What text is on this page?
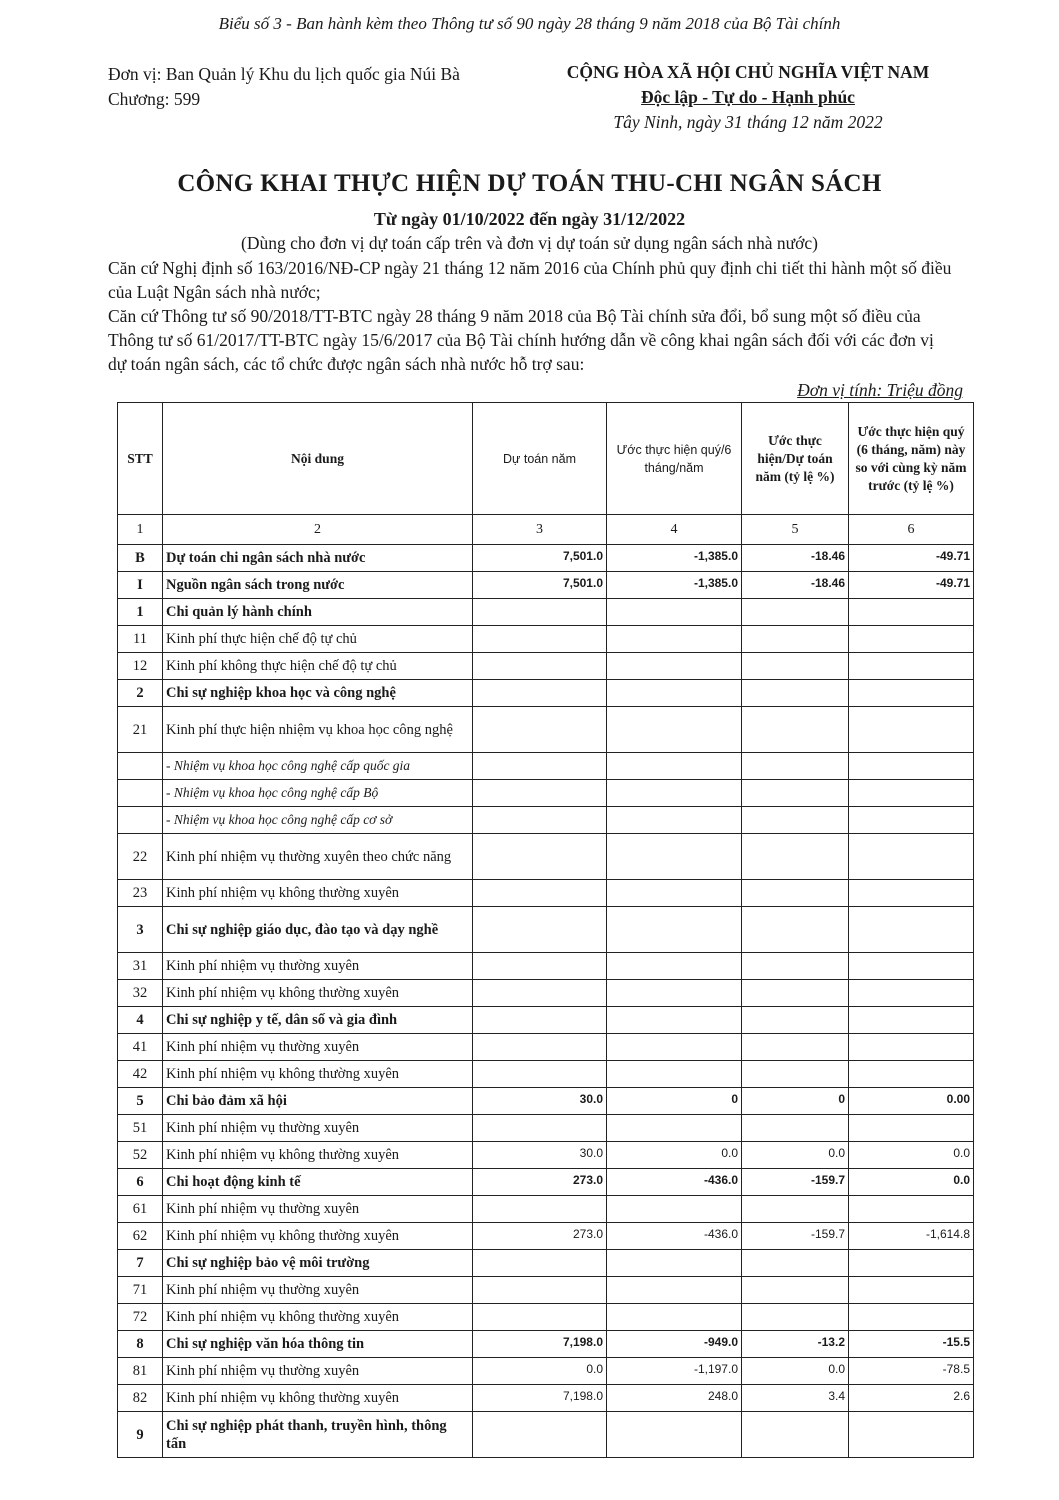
Biểu số 3 - Ban hành kèm theo Thông tư số 90 ngày 28 tháng 9 năm 2018 của Bộ Tài chính
Đơn vị: Ban Quản lý Khu du lịch quốc gia Núi Bà
Chương: 599
CỘNG HÒA XÃ HỘI CHỦ NGHĨA VIỆT NAM
Độc lập - Tự do - Hạnh phúc
Tây Ninh, ngày 31 tháng 12 năm 2022
CÔNG KHAI THỰC HIỆN DỰ TOÁN THU-CHI NGÂN SÁCH
Từ ngày 01/10/2022 đến ngày 31/12/2022
(Dùng cho đơn vị dự toán cấp trên và đơn vị dự toán sử dụng ngân sách nhà nước)

Căn cứ Nghị định số 163/2016/NĐ-CP ngày 21 tháng 12 năm 2016 của Chính phủ quy định chi tiết thi hành một số điều của Luật Ngân sách nhà nước;

Căn cứ Thông tư số 90/2018/TT-BTC ngày 28 tháng 9 năm 2018 của Bộ Tài chính sửa đổi, bổ sung một số điều của Thông tư số 61/2017/TT-BTC ngày 15/6/2017 của Bộ Tài chính hướng dẫn về công khai ngân sách đối với các đơn vị dự toán ngân sách, các tổ chức được ngân sách nhà nước hỗ trợ sau:

Đơn vị tính: Triệu đồng
STT	Nội dung	Dự toán năm	Ước thực hiện quý/6 tháng/năm	Ước thực hiện/Dự toán năm (tỷ lệ %)	Ước thực hiện quý (6 tháng, năm) này so với cùng kỳ năm trước (tỷ lệ %)
1	2	3	4	5	6
B	Dự toán chi ngân sách nhà nước	7,501.0	-1,385.0	-18.46	-49.71
I	Nguồn ngân sách trong nước	7,501.0	-1,385.0	-18.46	-49.71
1	Chi quản lý hành chính				
11	Kinh phí thực hiện chế độ tự chủ				
12	Kinh phí không thực hiện chế độ tự chủ				
2	Chi sự nghiệp khoa học và công nghệ				
21	Kinh phí thực hiện nhiệm vụ khoa học công nghệ				
	- Nhiệm vụ khoa học công nghệ cấp quốc gia				
	- Nhiệm vụ khoa học công nghệ cấp Bộ				
	- Nhiệm vụ khoa học công nghệ cấp cơ sở				
22	Kinh phí nhiệm vụ thường xuyên theo chức năng				
23	Kinh phí nhiệm vụ không thường xuyên				
3	Chi sự nghiệp giáo dục, đào tạo và dạy nghề				
31	Kinh phí nhiệm vụ thường xuyên				
32	Kinh phí nhiệm vụ không thường xuyên				
4	Chi sự nghiệp y tế, dân số và gia đình				
41	Kinh phí nhiệm vụ thường xuyên				
42	Kinh phí nhiệm vụ không thường xuyên				
5	Chi bảo đảm xã hội	30.0	0	0	0.00
51	Kinh phí nhiệm vụ thường xuyên				
52	Kinh phí nhiệm vụ không thường xuyên	30.0	0.0	0.0	0.0
6	Chi hoạt động kinh tế	273.0	-436.0	-159.7	0.0
61	Kinh phí nhiệm vụ thường xuyên				
62	Kinh phí nhiệm vụ không thường xuyên	273.0	-436.0	-159.7	-1,614.8
7	Chi sự nghiệp bảo vệ môi trường				
71	Kinh phí nhiệm vụ thường xuyên				
72	Kinh phí nhiệm vụ không thường xuyên				
8	Chi sự nghiệp văn hóa thông tin	7,198.0	-949.0	-13.2	-15.5
81	Kinh phí nhiệm vụ thường xuyên	0.0	-1,197.0	0.0	-78.5
82	Kinh phí nhiệm vụ không thường xuyên	7,198.0	248.0	3.4	2.6
9	Chi sự nghiệp phát thanh, truyền hình, thông tấn				
